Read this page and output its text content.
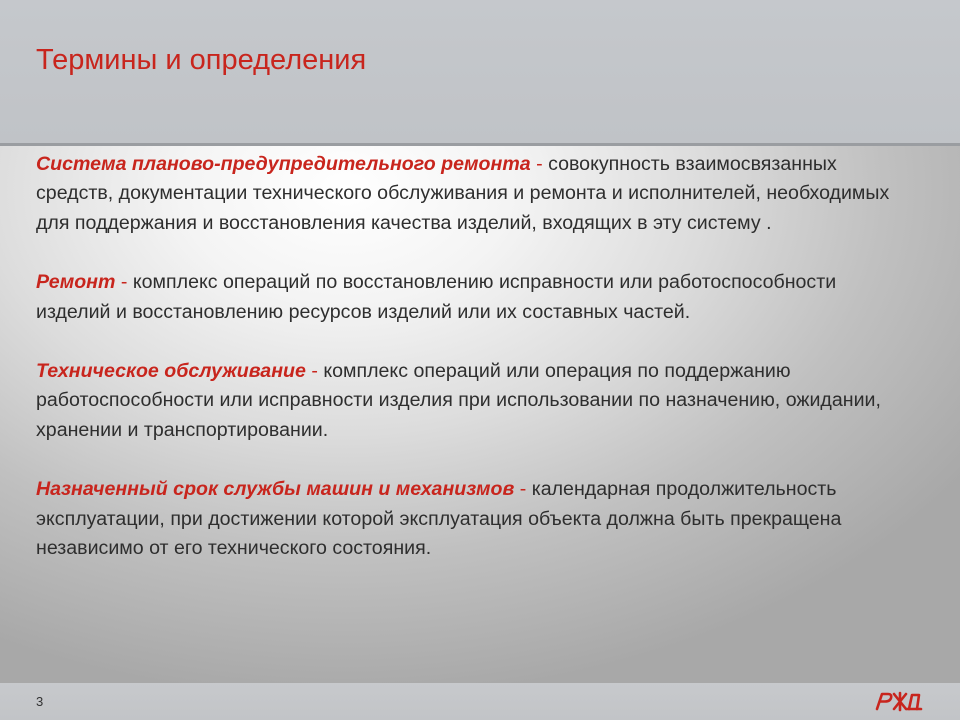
Термины и определения

Система планово-предупредительного ремонта - совокупность взаимосвязанных средств, документации технического обслуживания и ремонта и исполнителей, необходимых для поддержания и восстановления качества изделий, входящих в эту систему .

Ремонт - комплекс операций по восстановлению исправности или работоспособности изделий и восстановлению ресурсов изделий или их составных частей.

Техническое обслуживание - комплекс операций или операция по поддержанию работоспособности или исправности изделия при использовании по назначению, ожидании, хранении и транспортировании.

Назначенный срок службы машин и механизмов - календарная продолжительность эксплуатации, при достижении которой эксплуатация объекта должна быть прекращена независимо от его технического состояния.

3
